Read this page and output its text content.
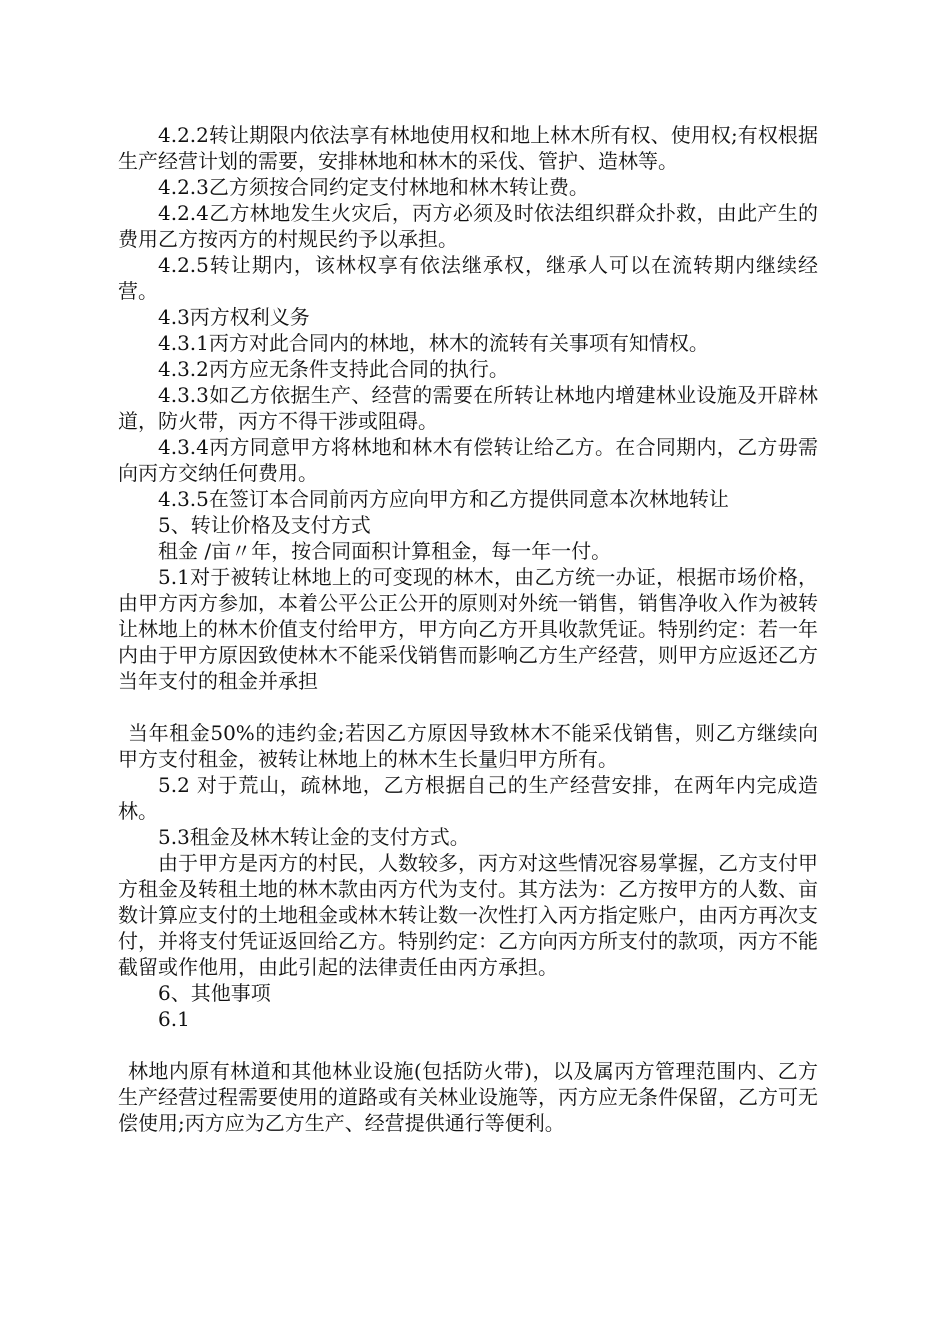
4.2.2转让期限内依法享有林地使用权和地上林木所有权、使用权;有权根据生产经营计划的需要，安排林地和林木的采伐、管护、造林等。

4.2.3乙方须按合同约定支付林地和林木转让费。

4.2.4乙方林地发生火灾后，丙方必须及时依法组织群众扑救，由此产生的费用乙方按丙方的村规民约予以承担。

4.2.5转让期内，该林权享有依法继承权，继承人可以在流转期内继续经营。

4.3丙方权利义务

4.3.1丙方对此合同内的林地，林木的流转有关事项有知情权。

4.3.2丙方应无条件支持此合同的执行。

4.3.3如乙方依据生产、经营的需要在所转让林地内增建林业设施及开辟林道，防火带，丙方不得干涉或阻碍。

4.3.4丙方同意甲方将林地和林木有偿转让给乙方。在合同期内，乙方毋需向丙方交纳任何费用。

4.3.5在签订本合同前丙方应向甲方和乙方提供同意本次林地转让

5、转让价格及支付方式

租金 /亩〃年，按合同面积计算租金，每一年一付。

5.1对于被转让林地上的可变现的林木，由乙方统一办证，根据市场价格，由甲方丙方参加，本着公平公正公开的原则对外统一销售，销售净收入作为被转让林地上的林木价值支付给甲方，甲方向乙方开具收款凭证。特别约定：若一年内由于甲方原因致使林木不能采伐销售而影响乙方生产经营，则甲方应返还乙方当年支付的租金并承担

当年租金50%的违约金;若因乙方原因导致林木不能采伐销售，则乙方继续向甲方支付租金，被转让林地上的林木生长量归甲方所有。

5.2 对于荒山，疏林地，乙方根据自己的生产经营安排，在两年内完成造林。

5.3租金及林木转让金的支付方式。

由于甲方是丙方的村民，人数较多，丙方对这些情况容易掌握，乙方支付甲方租金及转租土地的林木款由丙方代为支付。其方法为：乙方按甲方的人数、亩数计算应支付的土地租金或林木转让数一次性打入丙方指定账户，由丙方再次支付，并将支付凭证返回给乙方。特别约定：乙方向丙方所支付的款项，丙方不能截留或作他用，由此引起的法律责任由丙方承担。

6、其他事项

6.1

林地内原有林道和其他林业设施(包括防火带)，以及属丙方管理范围内、乙方生产经营过程需要使用的道路或有关林业设施等，丙方应无条件保留，乙方可无偿使用;丙方应为乙方生产、经营提供通行等便利。
